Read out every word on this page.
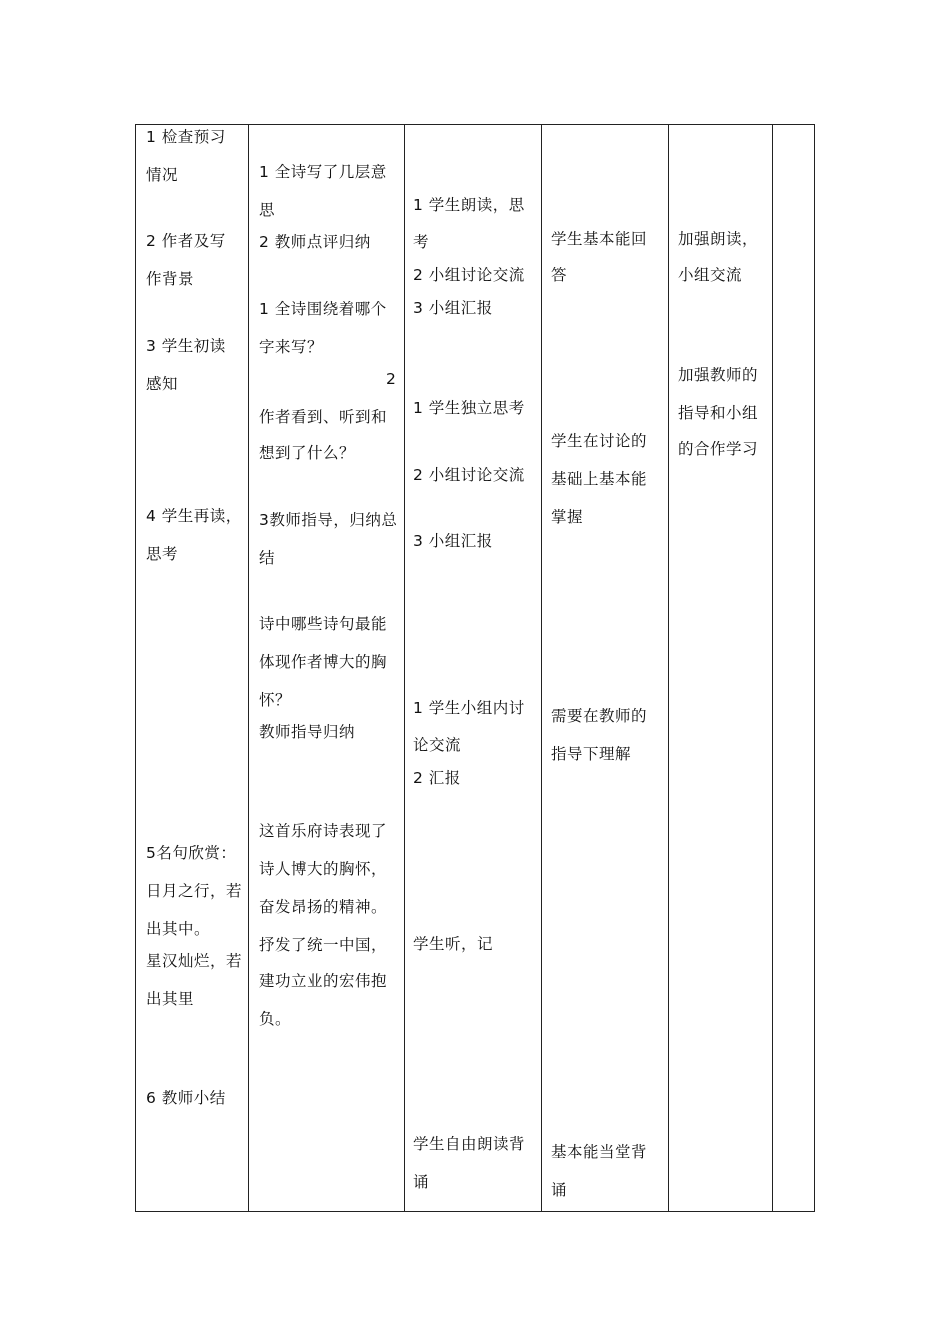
1 检查预习
情况
2 作者及写
作背景
3 学生初读
感知
4 学生再读，
思考
5名句欣赏：
日月之行，若
出其中。
星汉灿烂，若
出其里
6 教师小结
1 全诗写了几层意
思
2 教师点评归纳
1 全诗围绕着哪个
字来写？
2
作者看到、听到和
想到了什么？
3教师指导，归纳总
结
诗中哪些诗句最能
体现作者博大的胸
怀？
教师指导归纳
这首乐府诗表现了
诗人博大的胸怀，
奋发昂扬的精神。
抒发了统一中国，
建功立业的宏伟抱
负。
1 学生朗读，思
考
2 小组讨论交流
3 小组汇报
1 学生独立思考
2 小组讨论交流
3 小组汇报
1 学生小组内讨
论交流
2 汇报
学生听，记
学生自由朗读背
诵
学生基本能回
答
学生在讨论的
基础上基本能
掌握
需要在教师的
指导下理解
基本能当堂背
诵
加强朗读，
小组交流
加强教师的
指导和小组
的合作学习
